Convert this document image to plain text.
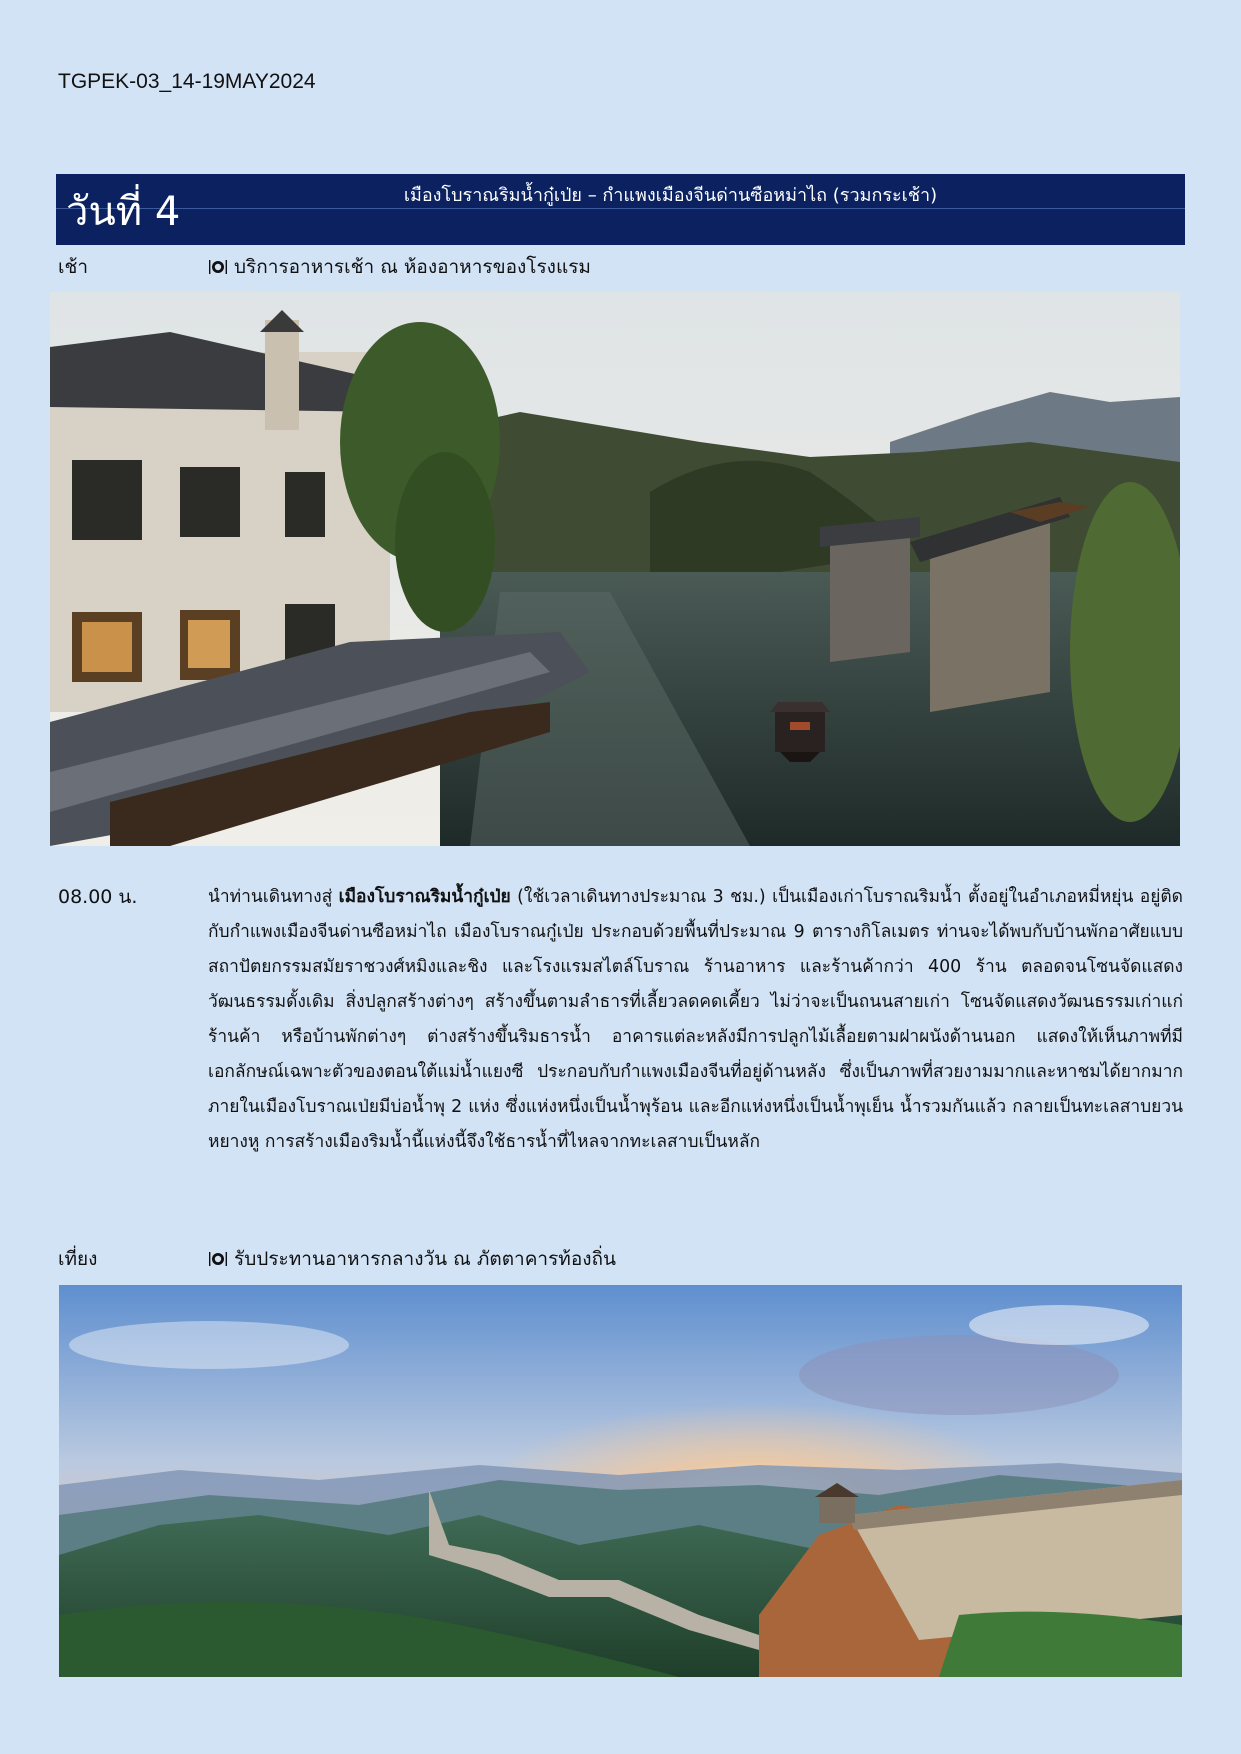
TGPEK-03_14-19MAY2024
เมืองโบราณริมน้ำกู๋เป่ย – กำแพงเมืองจีนด่านซือหม่าไถ (รวมกระเช้า)
วันที่ 4
เช้า	บริการอาหารเช้า ณ ห้องอาหารของโรงแรม
08.00 น.	นำท่านเดินทางสู่ เมืองโบราณริมน้ำกู๋เป่ย (ใช้เวลาเดินทางประมาณ 3 ชม.) เป็นเมืองเก่าโบราณริมน้ำ ตั้งอยู่ในอำเภอหมี่หยุ่น อยู่ติดกับกำแพงเมืองจีนด่านซือหม่าไถ เมืองโบราณกู๋เป่ย ประกอบด้วยพื้นที่ประมาณ 9 ตารางกิโลเมตร ท่านจะได้พบกับบ้านพักอาศัยแบบสถาปัตยกรรมสมัยราชวงศ์หมิงและชิง และโรงแรมสไตล์โบราณ ร้านอาหาร และร้านค้ากว่า 400 ร้าน ตลอดจนโซนจัดแสดงวัฒนธรรมดั้งเดิม สิ่งปลูกสร้างต่างๆ สร้างขึ้นตามลำธารที่เลี้ยวลดคดเคี้ยว ไม่ว่าจะเป็นถนนสายเก่า โซนจัดแสดงวัฒนธรรมเก่าแก่ ร้านค้า หรือบ้านพักต่างๆ ต่างสร้างขึ้นริมธารน้ำ อาคารแต่ละหลังมีการปลูกไม้เลื้อยตามฝาผนังด้านนอก แสดงให้เห็นภาพที่มีเอกลักษณ์เฉพาะตัวของตอนใต้แม่น้ำแยงซี ประกอบกับกำแพงเมืองจีนที่อยู่ด้านหลัง ซึ่งเป็นภาพที่สวยงามมากและหาชมได้ยากมาก ภายในเมืองโบราณเป่ยมีบ่อน้ำพุ 2 แห่ง ซึ่งแห่งหนึ่งเป็นน้ำพุร้อน และอีกแห่งหนึ่งเป็นน้ำพุเย็น น้ำรวมกันแล้ว กลายเป็นทะเลสาบยวนหยางหู การสร้างเมืองริมน้ำนี้แห่งนี้จึงใช้ธารน้ำที่ไหลจากทะเลสาบเป็นหลัก
เที่ยง	รับประทานอาหารกลางวัน ณ ภัตตาคารท้องถิ่น
